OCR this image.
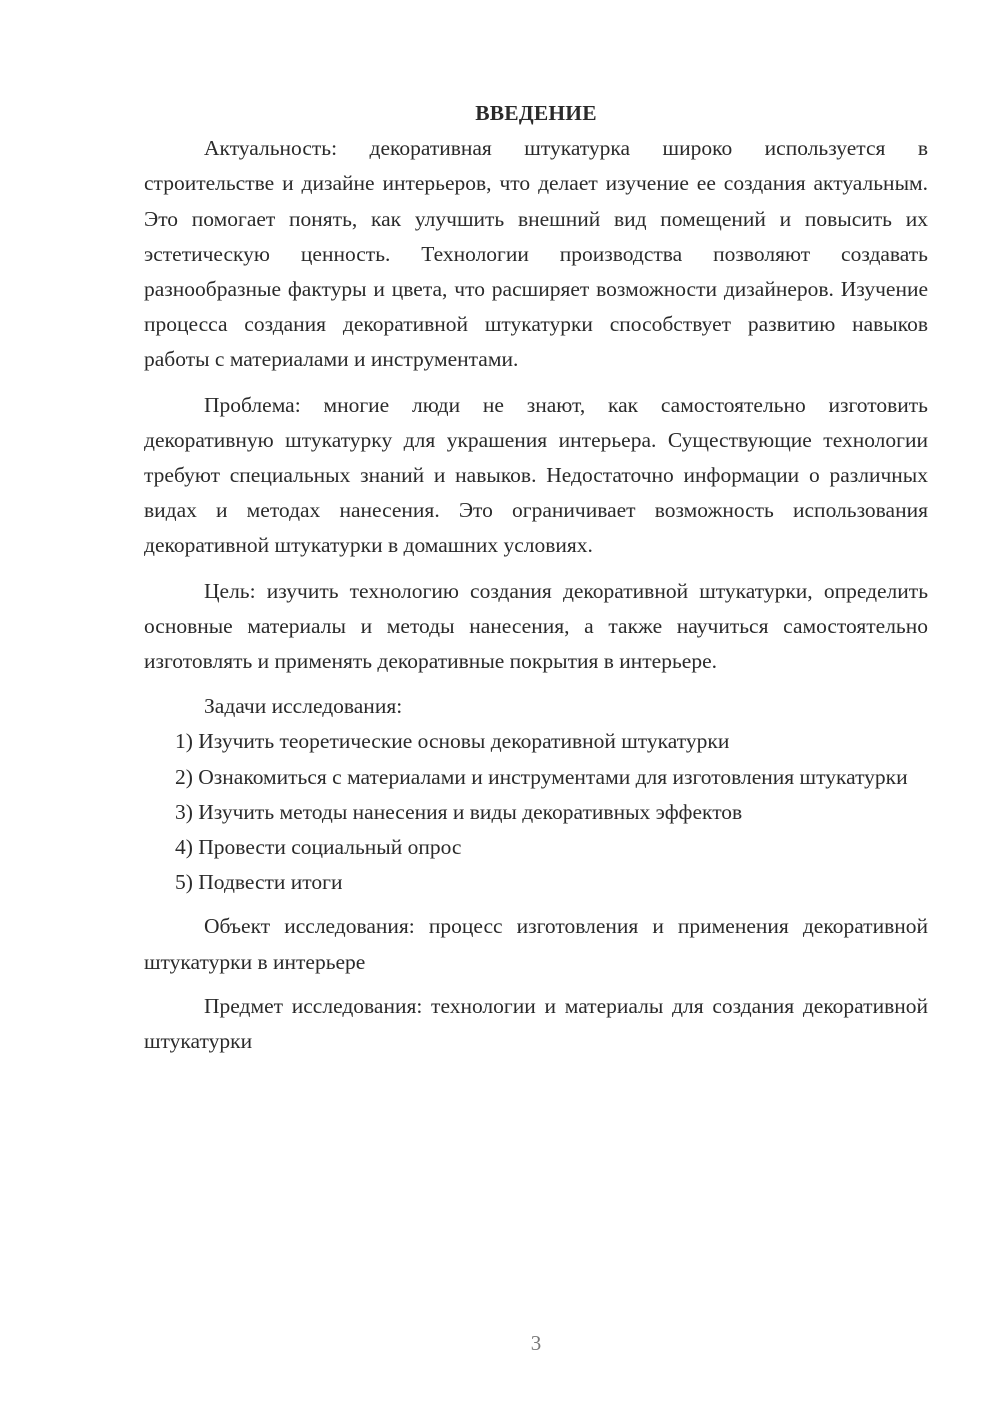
ВВЕДЕНИЕ

Актуальность: декоративная штукатурка широко используется в строительстве и дизайне интерьеров, что делает изучение ее создания актуальным. Это помогает понять, как улучшить внешний вид помещений и повысить их эстетическую ценность. Технологии производства позволяют создавать разнообразные фактуры и цвета, что расширяет возможности дизайнеров. Изучение процесса создания декоративной штукатурки способствует развитию навыков работы с материалами и инструментами.

Проблема: многие люди не знают, как самостоятельно изготовить декоративную штукатурку для украшения интерьера. Существующие технологии требуют специальных знаний и навыков. Недостаточно информации о различных видах и методах нанесения. Это ограничивает возможность использования декоративной штукатурки в домашних условиях.

Цель: изучить технологию создания декоративной штукатурки, определить основные материалы и методы нанесения, а также научиться самостоятельно изготовлять и применять декоративные покрытия в интерьере.

Задачи исследования:

1) Изучить теоретические основы декоративной штукатурки

2) Ознакомиться с материалами и инструментами для изготовления штукатурки

3) Изучить методы нанесения и виды декоративных эффектов

4) Провести социальный опрос

5) Подвести итоги

Объект исследования: процесс изготовления и применения декоративной штукатурки в интерьере

Предмет исследования: технологии и материалы для создания декоративной штукатурки

3
